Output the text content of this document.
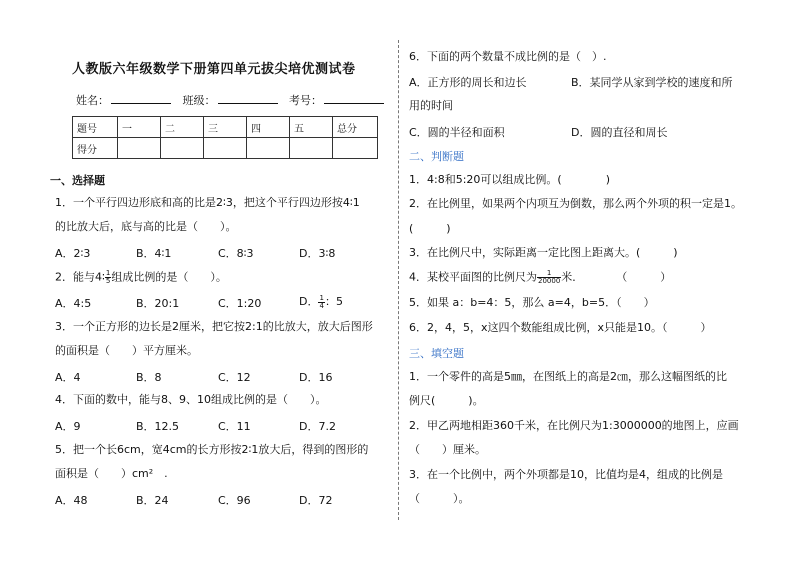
人教版六年级数学下册第四单元拔尖培优测试卷
姓名：	班级：	考号：
题号	一	二	三	四	五	总分
得分						
一、选择题
1．一个平行四边形底和高的比是2∶3，把这个平行四边形按4∶1
的比放大后，底与高的比是（　　）。
A．2∶3	B．4∶1	C．8∶3	D．3∶8
2．能与4∶ $\frac{1}{5}$ 组成比例的是（　　）。
A．4:5	B．20:1	C．1:20	D． $\frac{1}{4}$ ：5
3．一个正方形的边长是2厘米，把它按2:1的比放大，放大后图形
的面积是（　　）平方厘米。
A．4	B．8	C．12	D．16
4．下面的数中，能与8、9、10组成比例的是（　　）。
A．9	B．12.5	C．11	D．7.2
5．把一个长6cm，宽4cm的长方形按2∶1放大后，得到的图形的
面积是（　　）cm²　.
A．48	B．24	C．96	D．72
6．下面的两个数量不成比例的是（　）.
A．正方形的周长和边长	B．某同学从家到学校的速度和所
用的时间
C．圆的半径和面积	D．圆的直径和周长
二、判断题
1．4:8和5:20可以组成比例。(　　　　)
2．在比例里，如果两个内项互为倒数，那么两个外项的积一定是1。
(　　　)
3．在比例尺中，实际距离一定比图上距离大。(　　　)
4．某校平面图的比例尺为 $\frac{1}{20000}$ 米．　　　　（　　　）
5．如果 a：b=4：5，那么 a=4，b=5．（　　）
6．2，4，5，x这四个数能组成比例，x只能是10。（　　　）
三、填空题
1．一个零件的高是5㎜，在图纸上的高是2㎝，那么这幅图纸的比
例尺(　　　)。
2．甲乙两地相距360千米，在比例尺为1:3000000的地图上，应画
（　　）厘米。
3．在一个比例中，两个外项都是10，比值均是4，组成的比例是
（　　　）。
